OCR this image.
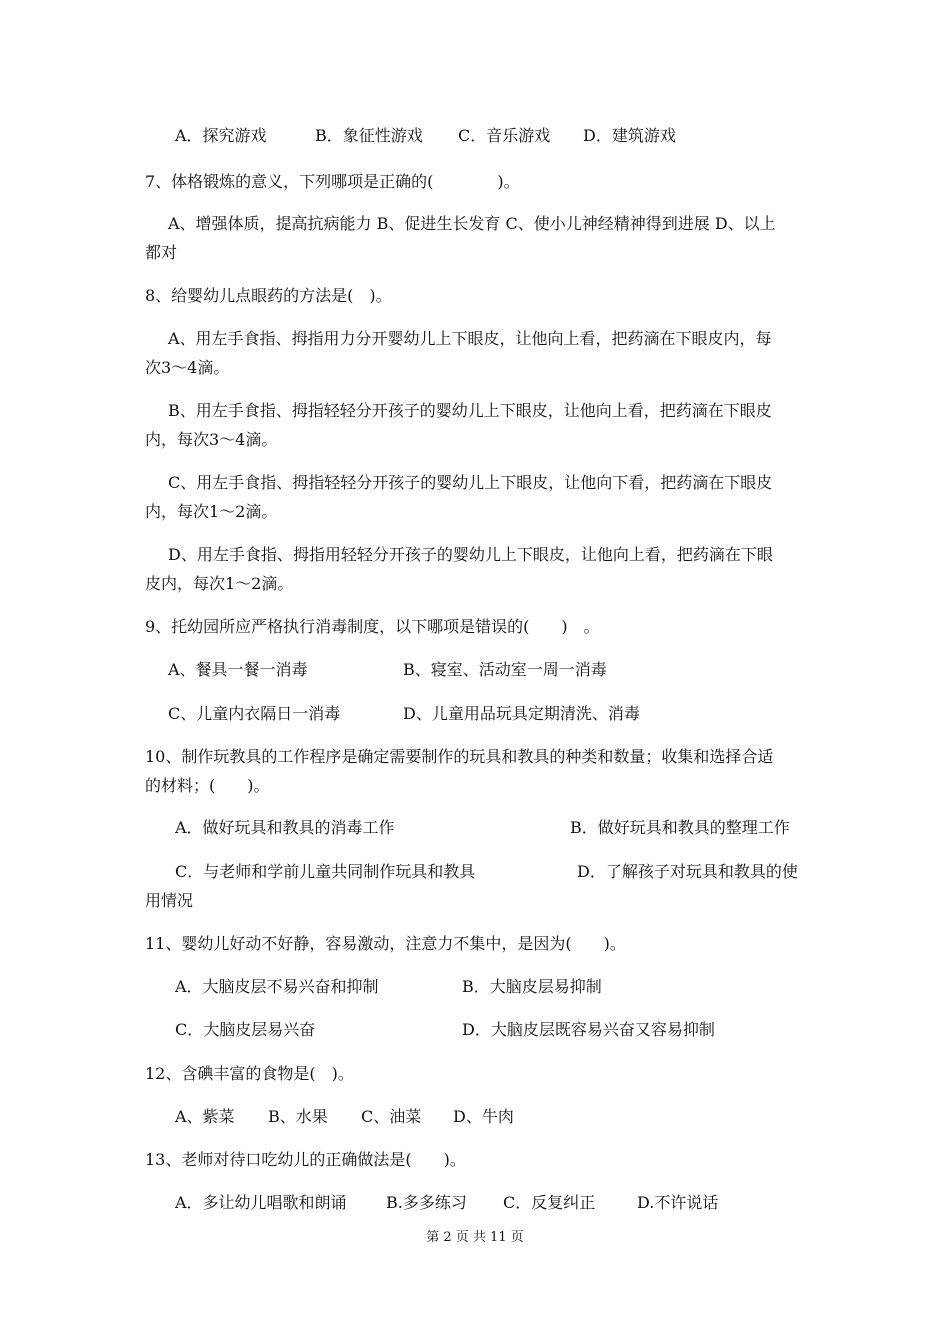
A．探究游戏	B．象征性游戏 C．音乐游戏 D．建筑游戏
7、体格锻炼的意义，下列哪项是正确的(　　　　)。
A、增强体质，提高抗病能力 B、促进生长发育 C、使小儿神经精神得到进展 D、以上
都对
8、给婴幼儿点眼药的方法是(　)。
A、用左手食指、拇指用力分开婴幼儿上下眼皮，让他向上看，把药滴在下眼皮内，每
次3～4滴。
B、用左手食指、拇指轻轻分开孩子的婴幼儿上下眼皮，让他向上看，把药滴在下眼皮
内，每次3～4滴。
C、用左手食指、拇指轻轻分开孩子的婴幼儿上下眼皮，让他向下看，把药滴在下眼皮
内，每次1～2滴。
D、用左手食指、拇指用轻轻分开孩子的婴幼儿上下眼皮，让他向上看，把药滴在下眼
皮内，每次1～2滴。
9、托幼园所应严格执行消毒制度，以下哪项是错误的(　　)　。
A、餐具一餐一消毒	B、寝室、活动室一周一消毒
C、儿童内衣隔日一消毒	D、儿童用品玩具定期清洗、消毒
10、制作玩教具的工作程序是确定需要制作的玩具和教具的种类和数量；收集和选择合适
的材料；(　　)。
A．做好玩具和教具的消毒工作	B．做好玩具和教具的整理工作
C．与老师和学前儿童共同制作玩具和教具	D．了解孩子对玩具和教具的使
用情况
11、婴幼儿好动不好静，容易激动，注意力不集中，是因为(　　)。
A．大脑皮层不易兴奋和抑制	B．大脑皮层易抑制
C．大脑皮层易兴奋	D．大脑皮层既容易兴奋又容易抑制
12、含碘丰富的食物是(　)。
A、紫菜 B、水果 C、油菜 D、牛肉
13、老师对待口吃幼儿的正确做法是(　　)。
A．多让幼儿唱歌和朗诵 B.多多练习 C．反复纠正	D.不许说话
第 2 页 共 11 页
